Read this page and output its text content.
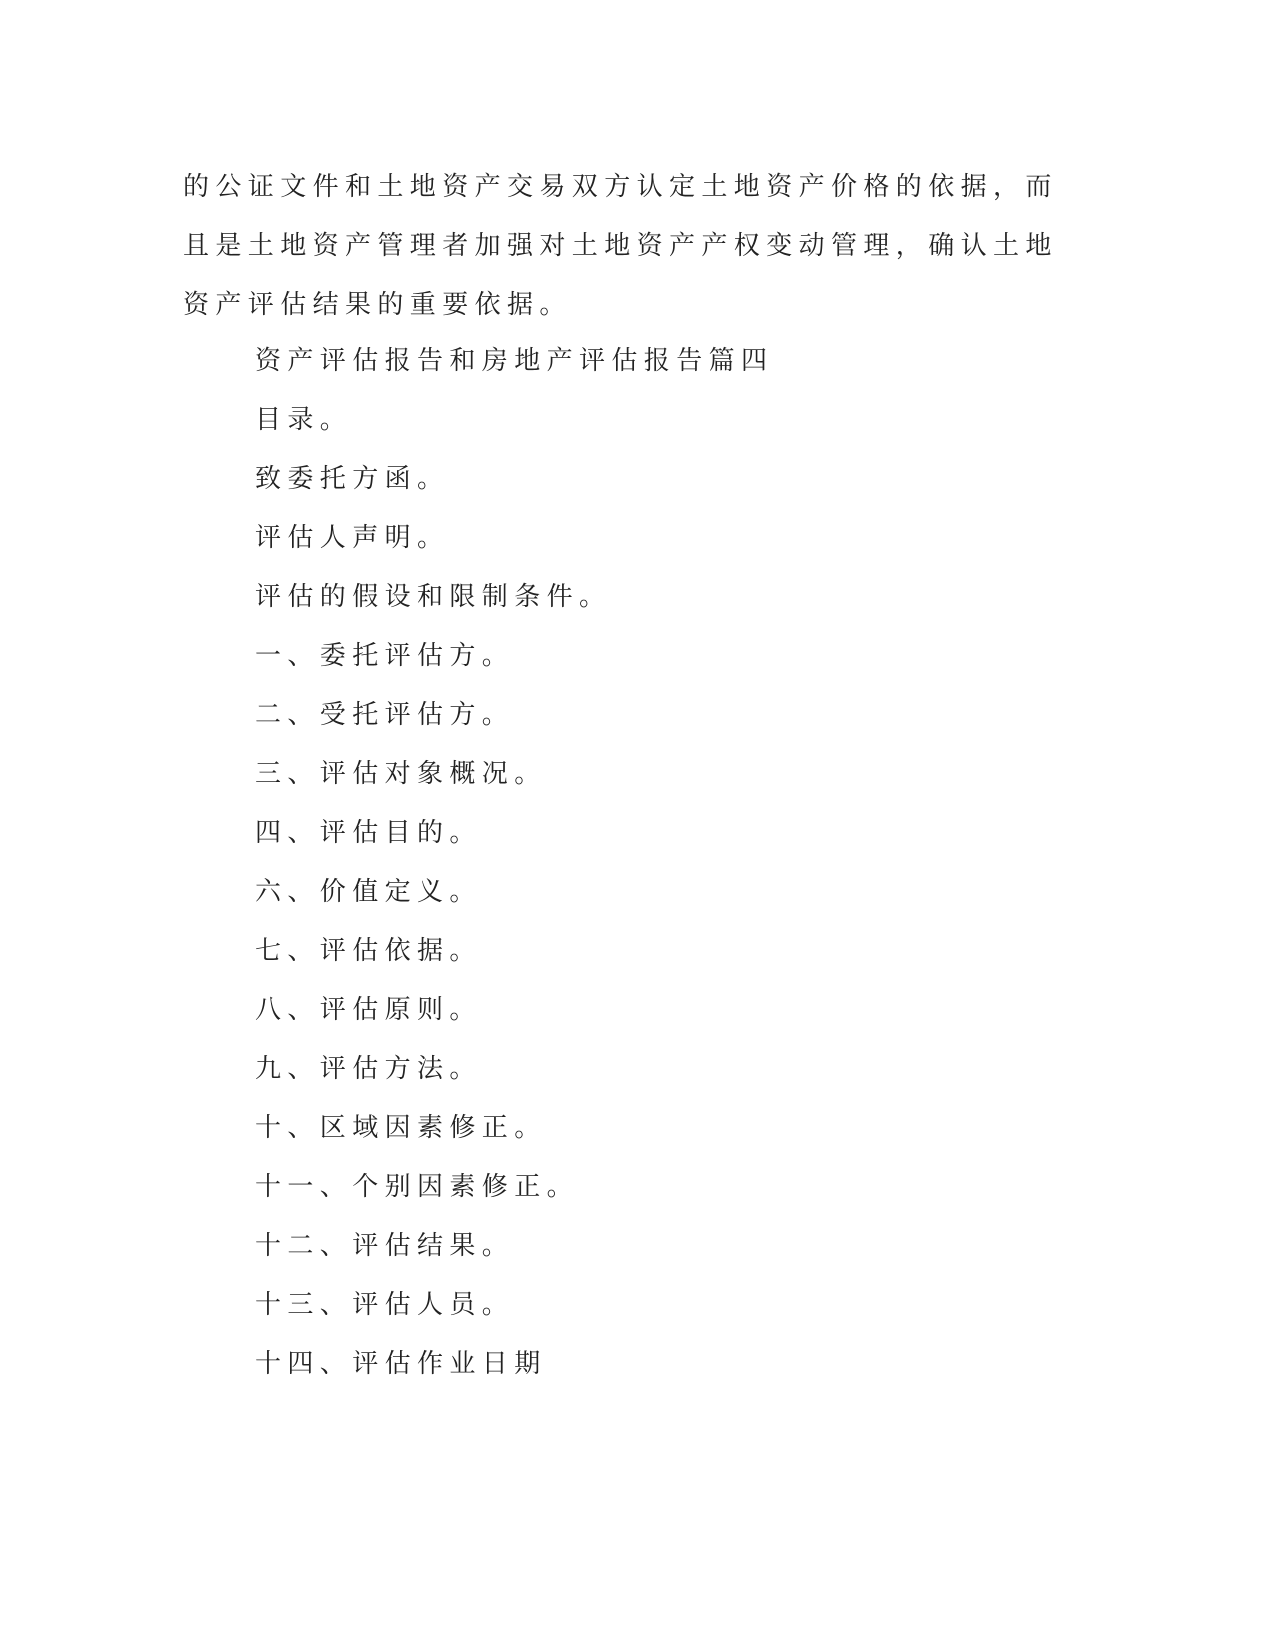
的公证文件和土地资产交易双方认定土地资产价格的依据，而且是土地资产管理者加强对土地资产产权变动管理，确认土地资产评估结果的重要依据。

资产评估报告和房地产评估报告篇四
目录。
致委托方函。
评估人声明。
评估的假设和限制条件。
一、委托评估方。
二、受托评估方。
三、评估对象概况。
四、评估目的。
六、价值定义。
七、评估依据。
八、评估原则。
九、评估方法。
十、区域因素修正。
十一、个别因素修正。
十二、评估结果。
十三、评估人员。
十四、评估作业日期
